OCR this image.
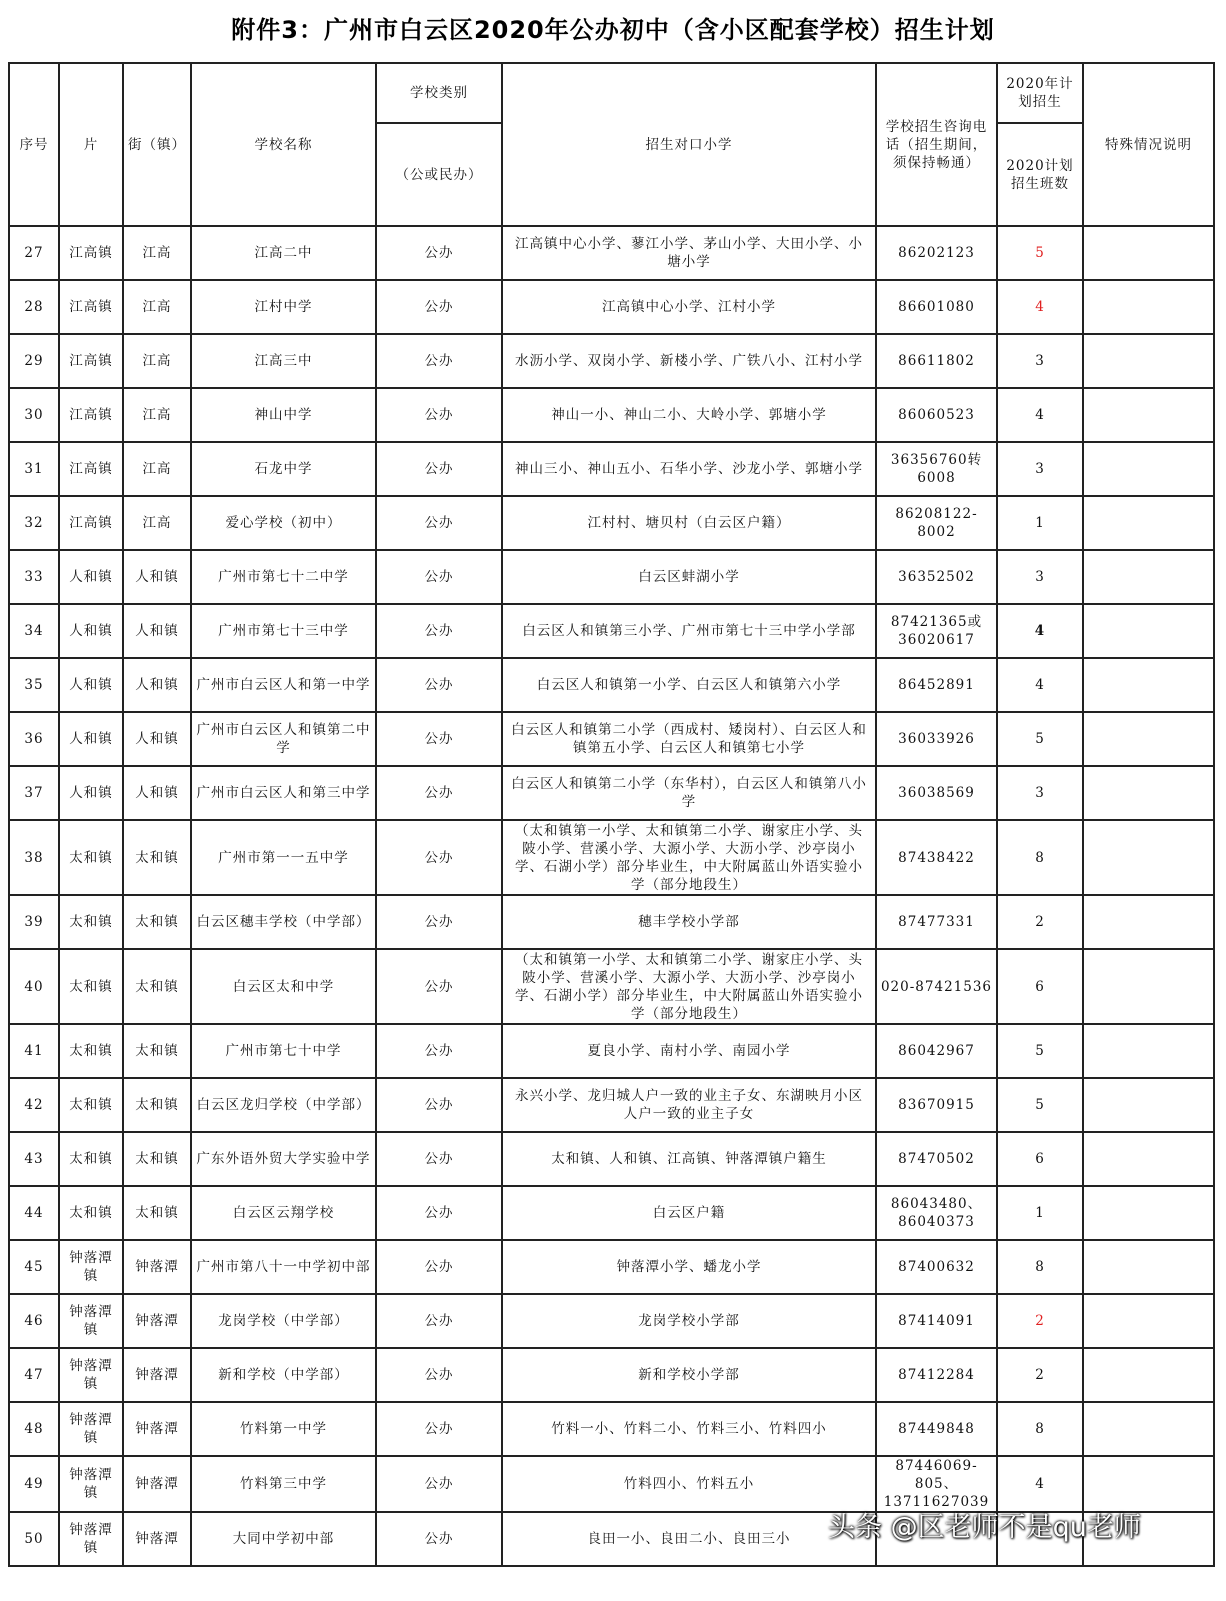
附件3：广州市白云区2020年公办初中（含小区配套学校）招生计划
序号	片	街（镇）	学校名称	学校类别	招生对口小学	学校招生咨询电话（招生期间，须保持畅通）	2020年计划招生	特殊情况说明
				（公或民办）			2020计划招生班数	
27	江高镇	江高	江高二中	公办	江高镇中心小学、蓼江小学、茅山小学、大田小学、小塘小学	86202123	5	
28	江高镇	江高	江村中学	公办	江高镇中心小学、江村小学	86601080	4	
29	江高镇	江高	江高三中	公办	水沥小学、双岗小学、新楼小学、广铁八小、江村小学	86611802	3	
30	江高镇	江高	神山中学	公办	神山一小、神山二小、大岭小学、郭塘小学	86060523	4	
31	江高镇	江高	石龙中学	公办	神山三小、神山五小、石华小学、沙龙小学、郭塘小学	36356760转6008	3	
32	江高镇	江高	爱心学校（初中）	公办	江村村、塘贝村（白云区户籍）	86208122-8002	1	
33	人和镇	人和镇	广州市第七十二中学	公办	白云区蚌湖小学	36352502	3	
34	人和镇	人和镇	广州市第七十三中学	公办	白云区人和镇第三小学、广州市第七十三中学小学部	87421365或36020617	4	
35	人和镇	人和镇	广州市白云区人和第一中学	公办	白云区人和镇第一小学、白云区人和镇第六小学	86452891	4	
36	人和镇	人和镇	广州市白云区人和镇第二中学	公办	白云区人和镇第二小学（西成村、矮岗村）、白云区人和镇第五小学、白云区人和镇第七小学	36033926	5	
37	人和镇	人和镇	广州市白云区人和第三中学	公办	白云区人和镇第二小学（东华村），白云区人和镇第八小学	36038569	3	
38	太和镇	太和镇	广州市第一一五中学	公办	（太和镇第一小学、太和镇第二小学、谢家庄小学、头陂小学、营溪小学、大源小学、大沥小学、沙亭岗小学、石湖小学）部分毕业生，中大附属蓝山外语实验小学（部分地段生）	87438422	8	
39	太和镇	太和镇	白云区穗丰学校（中学部）	公办	穗丰学校小学部	87477331	2	
40	太和镇	太和镇	白云区太和中学	公办	（太和镇第一小学、太和镇第二小学、谢家庄小学、头陂小学、营溪小学、大源小学、大沥小学、沙亭岗小学、石湖小学）部分毕业生，中大附属蓝山外语实验小学（部分地段生）	020-87421536	6	
41	太和镇	太和镇	广州市第七十中学	公办	夏良小学、南村小学、南园小学	86042967	5	
42	太和镇	太和镇	白云区龙归学校（中学部）	公办	永兴小学、龙归城人户一致的业主子女、东湖映月小区人户一致的业主子女	83670915	5	
43	太和镇	太和镇	广东外语外贸大学实验中学	公办	太和镇、人和镇、江高镇、钟落潭镇户籍生	87470502	6	
44	太和镇	太和镇	白云区云翔学校	公办	白云区户籍	86043480、86040373	1	
45	钟落潭镇	钟落潭	广州市第八十一中学初中部	公办	钟落潭小学、蟠龙小学	87400632	8	
46	钟落潭镇	钟落潭	龙岗学校（中学部）	公办	龙岗学校小学部	87414091	2	
47	钟落潭镇	钟落潭	新和学校（中学部）	公办	新和学校小学部	87412284	2	
48	钟落潭镇	钟落潭	竹料第一中学	公办	竹料一小、竹料二小、竹料三小、竹料四小	87449848	8	
49	钟落潭镇	钟落潭	竹料第三中学	公办	竹料四小、竹料五小	87446069-805、13711627039	4	
50	钟落潭镇	钟落潭	大同中学初中部	公办	良田一小、良田二小、良田三小			头条 @区老师不是qu老师
